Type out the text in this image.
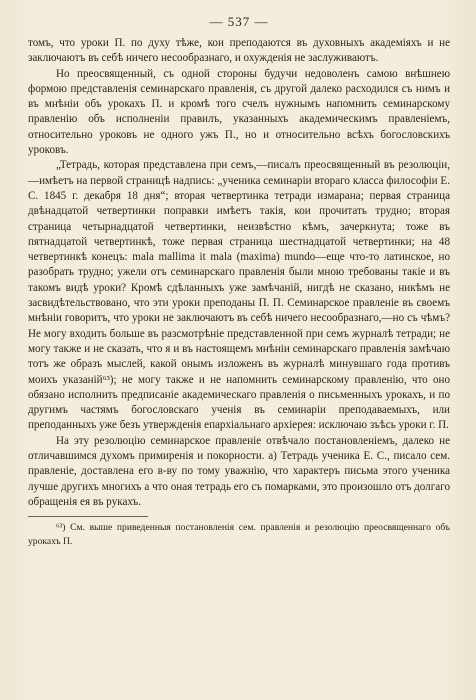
— 537 —

томъ, что уроки П. по духу тѣже, кои преподаются въ духовныхъ академіяхъ и не заключаютъ въ себѣ ничего несообразнаго, и охужденія не заслуживаютъ.

Но преосвященный, съ одной стороны будучи недоволенъ самою внѣшнею формою представленія семинарскаго правленія, съ другой далеко расходился съ нимъ и въ мнѣніи объ урокахъ П. и кромѣ того счелъ нужнымъ напомнить семинарскому правленію объ исполненіи правилъ, указанныхъ академическимъ правленіемъ, относительно уроковъ не одного ужъ П., но и относительно всѣхъ богословскихъ уроковъ.

„Тетрадь, которая представлена при семъ,—писалъ преосвященный въ резолюціи,—имѣетъ на первой страницѣ надпись: „ученика семинаріи втораго класса философіи Е. С. 1845 г. декабря 18 дня“; вторая четвертинка тетради измарана; первая страница двѣнадцатой четвертинки поправки имѣетъ такія, кои прочитать трудно; вторая страница четырнадцатой четвертинки, неизвѣстно кѣмъ, зачеркнута; тоже въ пятнадцатой четвертинкѣ, тоже первая страница шестнадцатой четвертинки; на 48 четвертинкѣ конецъ: mala mallima it mala (maxima) mundo—еще что-то латинское, но разобрать трудно; ужели отъ семинарскаго правленія были мною требованы такіе и въ такомъ видѣ уроки? Кромѣ сдѣланныхъ уже замѣчаній, нигдѣ не сказано, никѣмъ не засвидѣтельствовано, что эти уроки преподаны П. П. Семинарское правленіе въ своемъ мнѣніи говоритъ, что уроки не заключаютъ въ себѣ ничего несообразнаго,—но съ чѣмъ? Не могу входить больше въ разсмотрѣніе представленной при семъ журналѣ тетради; не могу также и не сказать, что я и въ настоящемъ мнѣніи семинарскаго правленія замѣчаю тотъ же образъ мыслей, какой онымъ изложенъ въ журналѣ минувшаго года противъ моихъ указаній⁶³); не могу также и не напомнить семинарскому правленію, что оно обязано исполнить предписаніе академическаго правленія о письменныхъ урокахъ, и по другимъ частямъ богословскаго ученія въ семинаріи преподаваемыхъ, или преподанныхъ уже безъ утвержденія епархіальнаго архіерея: исключаю зъѣсь уроки г. П.

На эту резолюцію семинарское правленіе отвѣчало постановленіемъ, далеко не отличавшимся духомъ примиренія и покорности. а) Тетрадь ученика Е. С., писало сем. правленіе, доставлена его в-ву по тому уважнію, что характеръ письма этого ученика лучше другихъ многихъ а что оная тетрадь его съ помарками, это произошло отъ долгаго обращенія ея въ рукахъ.

⁶³) См. выше приведенныя постановленія сем. правленія и резолюцію преосвященнаго объ урокахъ П.
